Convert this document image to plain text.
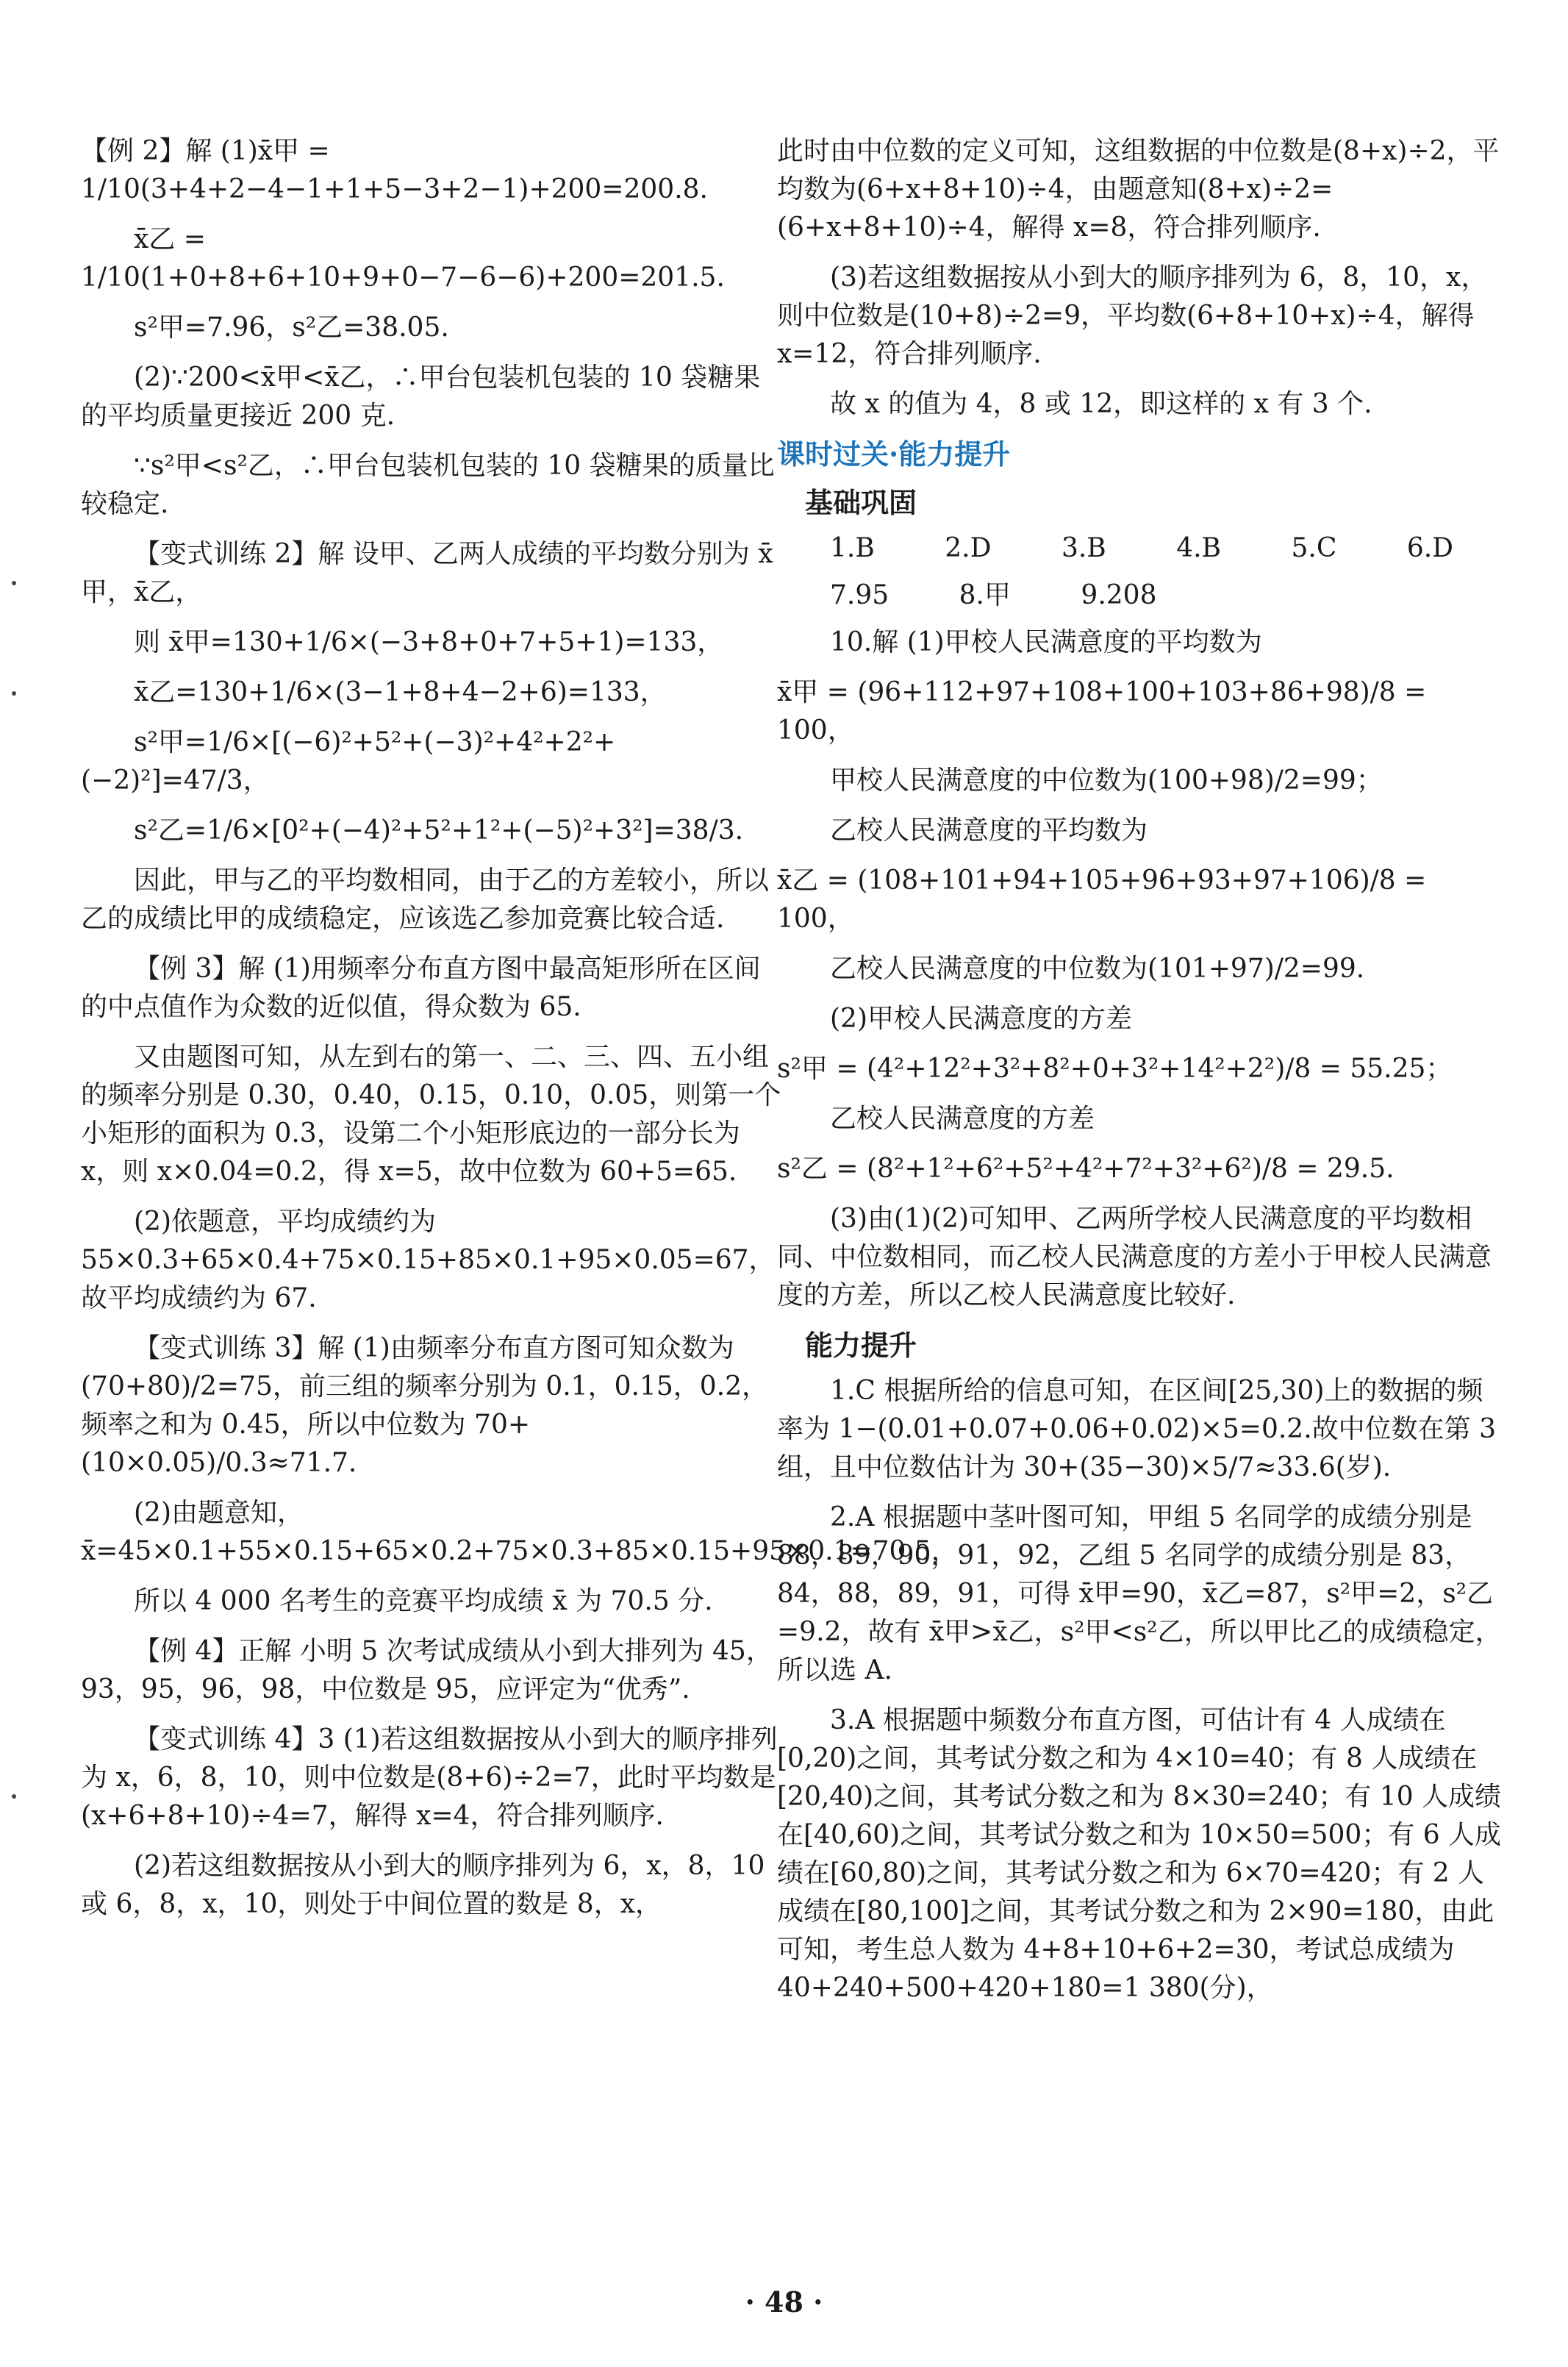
【例 2】解 (1)x̄甲 = 1/10(3+4+2−4−1+1+5−3+2−1)+200=200.8.

x̄乙 = 1/10(1+0+8+6+10+9+0−7−6−6)+200=201.5.

s²甲=7.96，s²乙=38.05.

(2)∵200<x̄甲<x̄乙，∴甲台包装机包装的 10 袋糖果的平均质量更接近 200 克.

∵s²甲<s²乙，∴甲台包装机包装的 10 袋糖果的质量比较稳定.

【变式训练 2】解 设甲、乙两人成绩的平均数分别为 x̄甲，x̄乙，

则 x̄甲=130+1/6×(−3+8+0+7+5+1)=133，

x̄乙=130+1/6×(3−1+8+4−2+6)=133，

s²甲=1/6×[(−6)²+5²+(−3)²+4²+2²+(−2)²]=47/3，

s²乙=1/6×[0²+(−4)²+5²+1²+(−5)²+3²]=38/3.

因此，甲与乙的平均数相同，由于乙的方差较小，所以乙的成绩比甲的成绩稳定，应该选乙参加竞赛比较合适.

【例 3】解 (1)用频率分布直方图中最高矩形所在区间的中点值作为众数的近似值，得众数为 65.

又由题图可知，从左到右的第一、二、三、四、五小组的频率分别是 0.30，0.40，0.15，0.10，0.05，则第一个小矩形的面积为 0.3，设第二个小矩形底边的一部分长为 x，则 x×0.04=0.2，得 x=5，故中位数为 60+5=65.

(2)依题意，平均成绩约为 55×0.3+65×0.4+75×0.15+85×0.1+95×0.05=67，故平均成绩约为 67.

【变式训练 3】解 (1)由频率分布直方图可知众数为(70+80)/2=75，前三组的频率分别为 0.1，0.15，0.2，频率之和为 0.45，所以中位数为 70+(10×0.05)/0.3≈71.7.

(2)由题意知，x̄=45×0.1+55×0.15+65×0.2+75×0.3+85×0.15+95×0.1=70.5，

所以 4 000 名考生的竞赛平均成绩 x̄ 为 70.5 分.

【例 4】正解 小明 5 次考试成绩从小到大排列为 45，93，95，96，98，中位数是 95，应评定为“优秀”.

【变式训练 4】3 (1)若这组数据按从小到大的顺序排列为 x，6，8，10，则中位数是(8+6)÷2=7，此时平均数是(x+6+8+10)÷4=7，解得 x=4，符合排列顺序.

(2)若这组数据按从小到大的顺序排列为 6，x，8，10 或 6，8，x，10，则处于中间位置的数是 8，x，

此时由中位数的定义可知，这组数据的中位数是(8+x)÷2，平均数为(6+x+8+10)÷4，由题意知(8+x)÷2=(6+x+8+10)÷4，解得 x=8，符合排列顺序.

(3)若这组数据按从小到大的顺序排列为 6，8，10，x，则中位数是(10+8)÷2=9，平均数(6+8+10+x)÷4，解得 x=12，符合排列顺序.

故 x 的值为 4，8 或 12，即这样的 x 有 3 个.

课时过关·能力提升
基础巩固
1.B	2.D	3.B	4.B	5.C	6.D
7.95	8.甲	9.208

10.解 (1)甲校人民满意度的平均数为

x̄甲 = (96+112+97+108+100+103+86+98)/8 = 100，

甲校人民满意度的中位数为(100+98)/2=99；

乙校人民满意度的平均数为

x̄乙 = (108+101+94+105+96+93+97+106)/8 = 100，

乙校人民满意度的中位数为(101+97)/2=99.

(2)甲校人民满意度的方差

s²甲 = (4²+12²+3²+8²+0+3²+14²+2²)/8 = 55.25；

乙校人民满意度的方差

s²乙 = (8²+1²+6²+5²+4²+7²+3²+6²)/8 = 29.5.

(3)由(1)(2)可知甲、乙两所学校人民满意度的平均数相同、中位数相同，而乙校人民满意度的方差小于甲校人民满意度的方差，所以乙校人民满意度比较好.

能力提升

1.C 根据所给的信息可知，在区间[25,30)上的数据的频率为 1−(0.01+0.07+0.06+0.02)×5=0.2.故中位数在第 3 组，且中位数估计为 30+(35−30)×5/7≈33.6(岁).

2.A 根据题中茎叶图可知，甲组 5 名同学的成绩分别是 88，89，90，91，92，乙组 5 名同学的成绩分别是 83，84，88，89，91，可得 x̄甲=90，x̄乙=87，s²甲=2，s²乙=9.2，故有 x̄甲>x̄乙，s²甲<s²乙，所以甲比乙的成绩稳定，所以选 A.

3.A 根据题中频数分布直方图，可估计有 4 人成绩在[0,20)之间，其考试分数之和为 4×10=40；有 8 人成绩在[20,40)之间，其考试分数之和为 8×30=240；有 10 人成绩在[40,60)之间，其考试分数之和为 10×50=500；有 6 人成绩在[60,80)之间，其考试分数之和为 6×70=420；有 2 人成绩在[80,100]之间，其考试分数之和为 2×90=180，由此可知，考生总人数为 4+8+10+6+2=30，考试总成绩为 40+240+500+420+180=1 380(分)，

· 48 ·
